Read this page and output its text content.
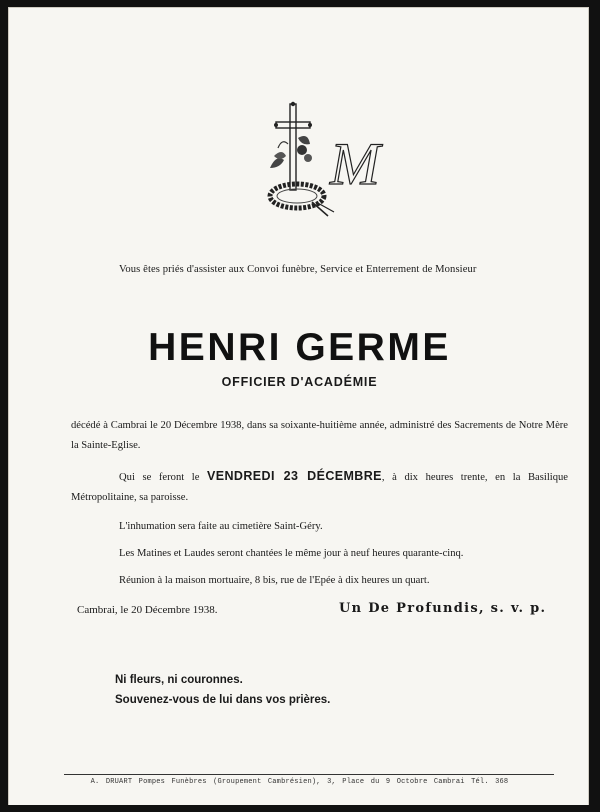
M
Vous êtes priés d'assister aux Convoi funèbre, Service et Enterrement de Monsieur
HENRI GERME
OFFICIER D'ACADÉMIE
décédé à Cambrai le 20 Décembre 1938, dans sa soixante-huitième année, administré des Sacrements de Notre Mère la Sainte-Eglise.
Qui se feront le VENDREDI 23 DÉCEMBRE, à dix heures trente, en la Basilique Métropolitaine, sa paroisse.
L'inhumation sera faite au cimetière Saint-Géry.
Les Matines et Laudes seront chantées le même jour à neuf heures quarante-cinq.
Réunion à la maison mortuaire, 8 bis, rue de l'Epée à dix heures un quart.
Cambrai, le 20 Décembre 1938.	Un De Profundis, s. v. p.
Ni fleurs, ni couronnes.
Souvenez-vous de lui dans vos prières.
A. DRUART Pompes Funèbres (Groupement Cambrésien), 3, Place du 9 Octobre Cambrai Tél. 368
